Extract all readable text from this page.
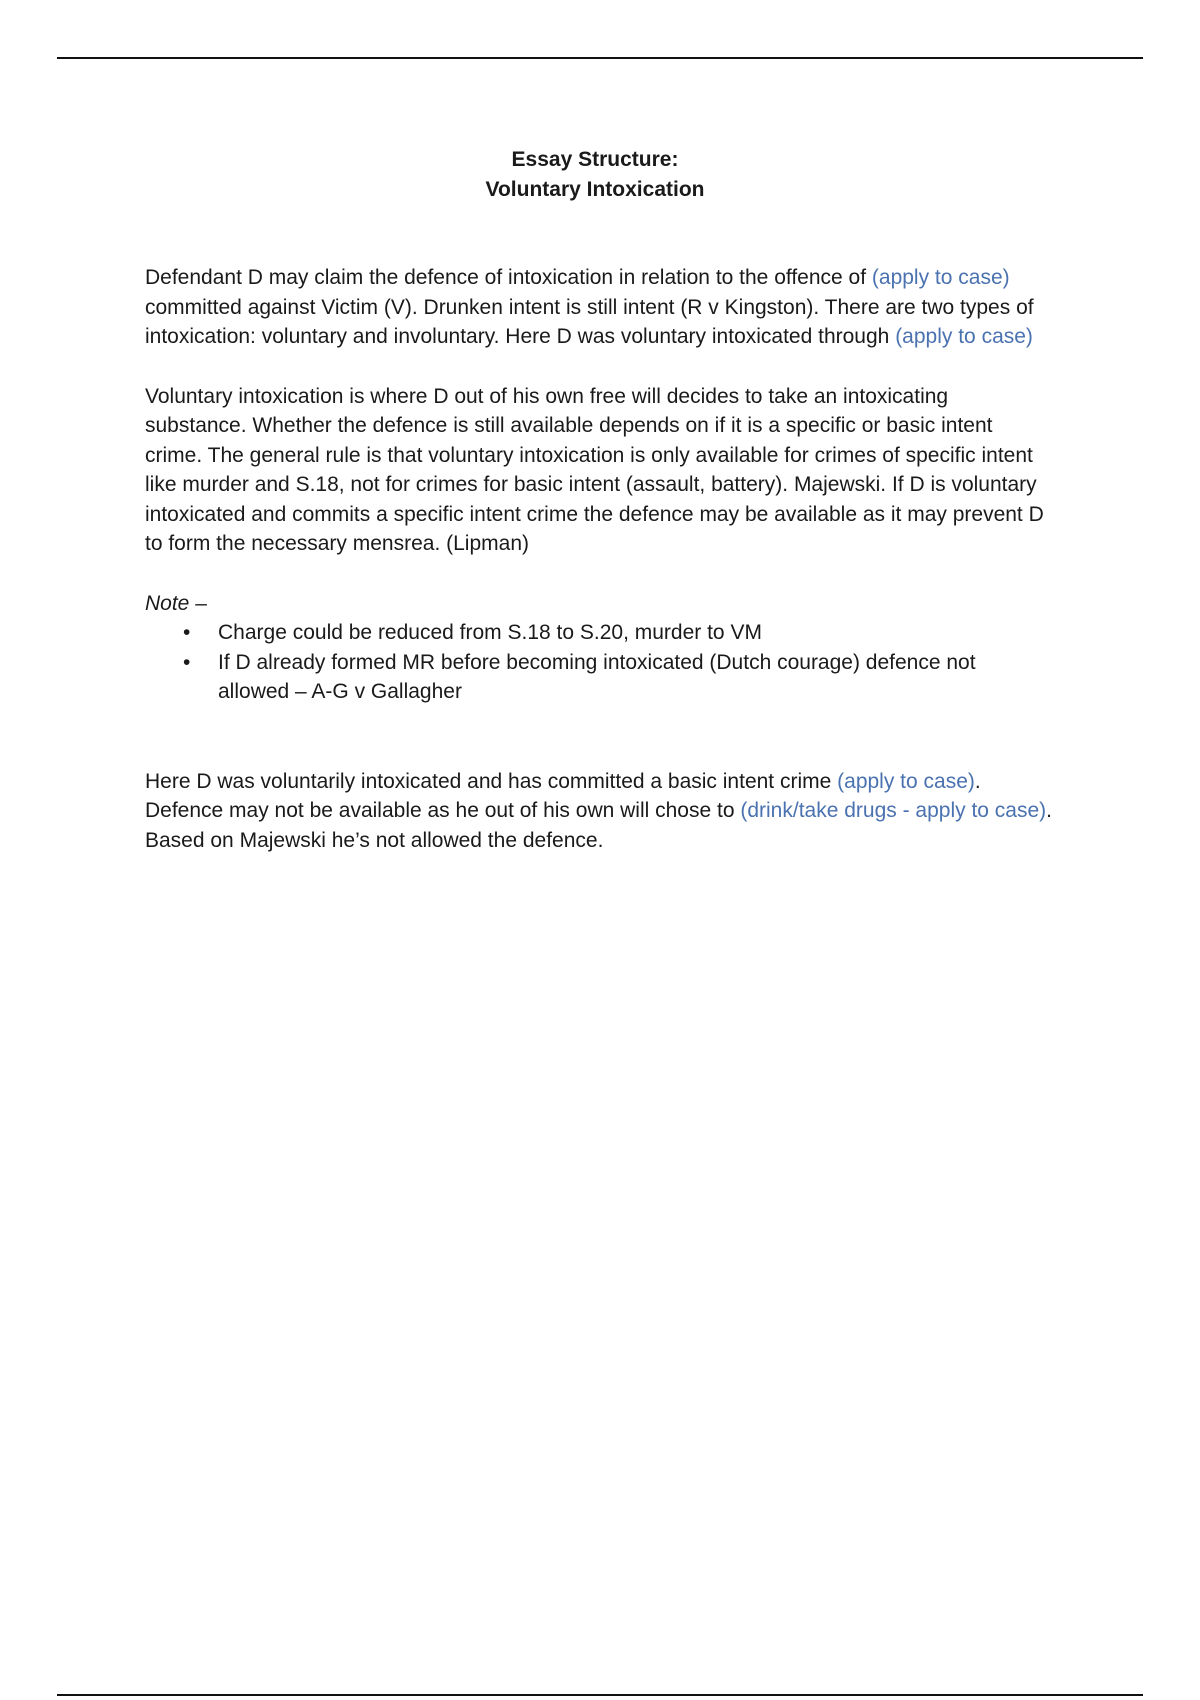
Essay Structure:
Voluntary Intoxication

Defendant D may claim the defence of intoxication in relation to the offence of (apply to case) committed against Victim (V). Drunken intent is still intent (R v Kingston). There are two types of intoxication: voluntary and involuntary. Here D was voluntary intoxicated through (apply to case)

Voluntary intoxication is where D out of his own free will decides to take an intoxicating substance. Whether the defence is still available depends on if it is a specific or basic intent crime. The general rule is that voluntary intoxication is only available for crimes of specific intent like murder and S.18, not for crimes for basic intent (assault, battery). Majewski. If D is voluntary intoxicated and commits a specific intent crime the defence may be available as it may prevent D to form the necessary mensrea. (Lipman)

Note –

• Charge could be reduced from S.18 to S.20, murder to VM
• If D already formed MR before becoming intoxicated (Dutch courage) defence not allowed – A-G v Gallagher

Here D was voluntarily intoxicated and has committed a basic intent crime (apply to case). Defence may not be available as he out of his own will chose to (drink/take drugs - apply to case). Based on Majewski he’s not allowed the defence.
